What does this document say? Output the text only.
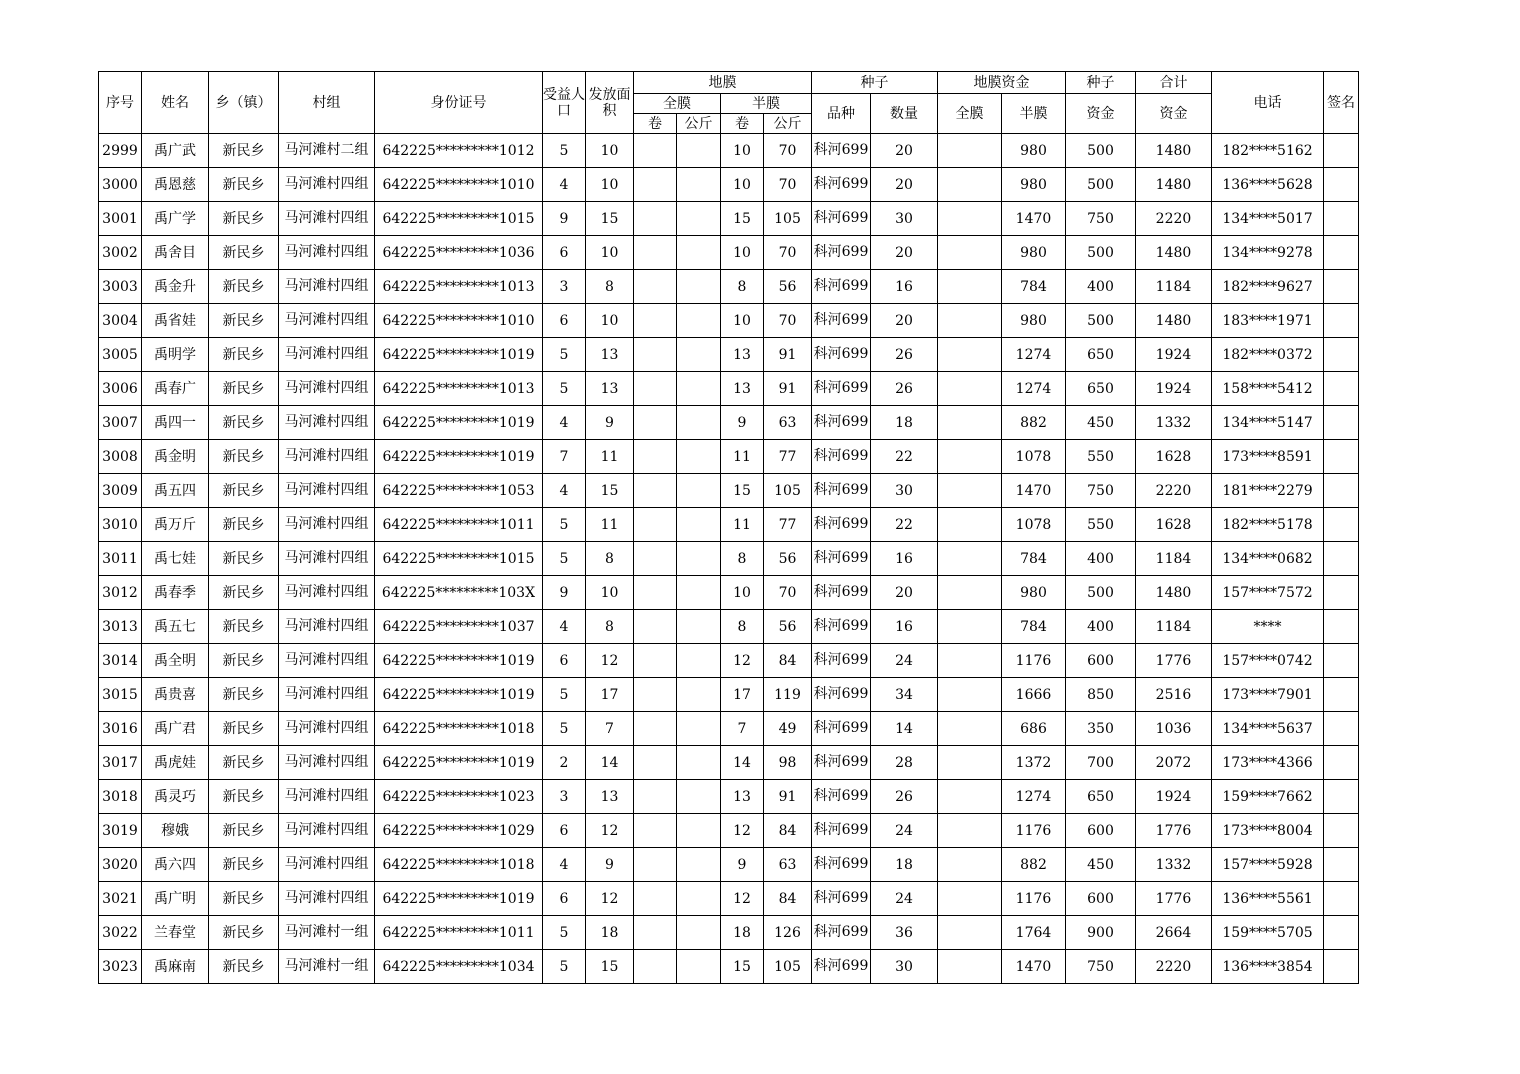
序号	姓名	乡（镇）	村组	身份证号	受益人口	发放面积	地膜				种子		地膜资金		种子	合计	电话	签名
							全膜		半膜		品种	数量	全膜	半膜	资金	资金		
							卷	公斤	卷	公斤								
2999	禹广武	新民乡	马河滩村二组	642225*********1012	5	10			10	70	科河699	20		980	500	1480	182****5162	
3000	禹恩慈	新民乡	马河滩村四组	642225*********1010	4	10			10	70	科河699	20		980	500	1480	136****5628	
3001	禹广学	新民乡	马河滩村四组	642225*********1015	9	15			15	105	科河699	30		1470	750	2220	134****5017	
3002	禹舍目	新民乡	马河滩村四组	642225*********1036	6	10			10	70	科河699	20		980	500	1480	134****9278	
3003	禹金升	新民乡	马河滩村四组	642225*********1013	3	8			8	56	科河699	16		784	400	1184	182****9627	
3004	禹省娃	新民乡	马河滩村四组	642225*********1010	6	10			10	70	科河699	20		980	500	1480	183****1971	
3005	禹明学	新民乡	马河滩村四组	642225*********1019	5	13			13	91	科河699	26		1274	650	1924	182****0372	
3006	禹春广	新民乡	马河滩村四组	642225*********1013	5	13			13	91	科河699	26		1274	650	1924	158****5412	
3007	禹四一	新民乡	马河滩村四组	642225*********1019	4	9			9	63	科河699	18		882	450	1332	134****5147	
3008	禹金明	新民乡	马河滩村四组	642225*********1019	7	11			11	77	科河699	22		1078	550	1628	173****8591	
3009	禹五四	新民乡	马河滩村四组	642225*********1053	4	15			15	105	科河699	30		1470	750	2220	181****2279	
3010	禹万斤	新民乡	马河滩村四组	642225*********1011	5	11			11	77	科河699	22		1078	550	1628	182****5178	
3011	禹七娃	新民乡	马河滩村四组	642225*********1015	5	8			8	56	科河699	16		784	400	1184	134****0682	
3012	禹春季	新民乡	马河滩村四组	642225*********103X	9	10			10	70	科河699	20		980	500	1480	157****7572	
3013	禹五七	新民乡	马河滩村四组	642225*********1037	4	8			8	56	科河699	16		784	400	1184	****	
3014	禹全明	新民乡	马河滩村四组	642225*********1019	6	12			12	84	科河699	24		1176	600	1776	157****0742	
3015	禹贵喜	新民乡	马河滩村四组	642225*********1019	5	17			17	119	科河699	34		1666	850	2516	173****7901	
3016	禹广君	新民乡	马河滩村四组	642225*********1018	5	7			7	49	科河699	14		686	350	1036	134****5637	
3017	禹虎娃	新民乡	马河滩村四组	642225*********1019	2	14			14	98	科河699	28		1372	700	2072	173****4366	
3018	禹灵巧	新民乡	马河滩村四组	642225*********1023	3	13			13	91	科河699	26		1274	650	1924	159****7662	
3019	穆娥	新民乡	马河滩村四组	642225*********1029	6	12			12	84	科河699	24		1176	600	1776	173****8004	
3020	禹六四	新民乡	马河滩村四组	642225*********1018	4	9			9	63	科河699	18		882	450	1332	157****5928	
3021	禹广明	新民乡	马河滩村四组	642225*********1019	6	12			12	84	科河699	24		1176	600	1776	136****5561	
3022	兰春堂	新民乡	马河滩村一组	642225*********1011	5	18			18	126	科河699	36		1764	900	2664	159****5705	
3023	禹麻南	新民乡	马河滩村一组	642225*********1034	5	15			15	105	科河699	30		1470	750	2220	136****3854	
